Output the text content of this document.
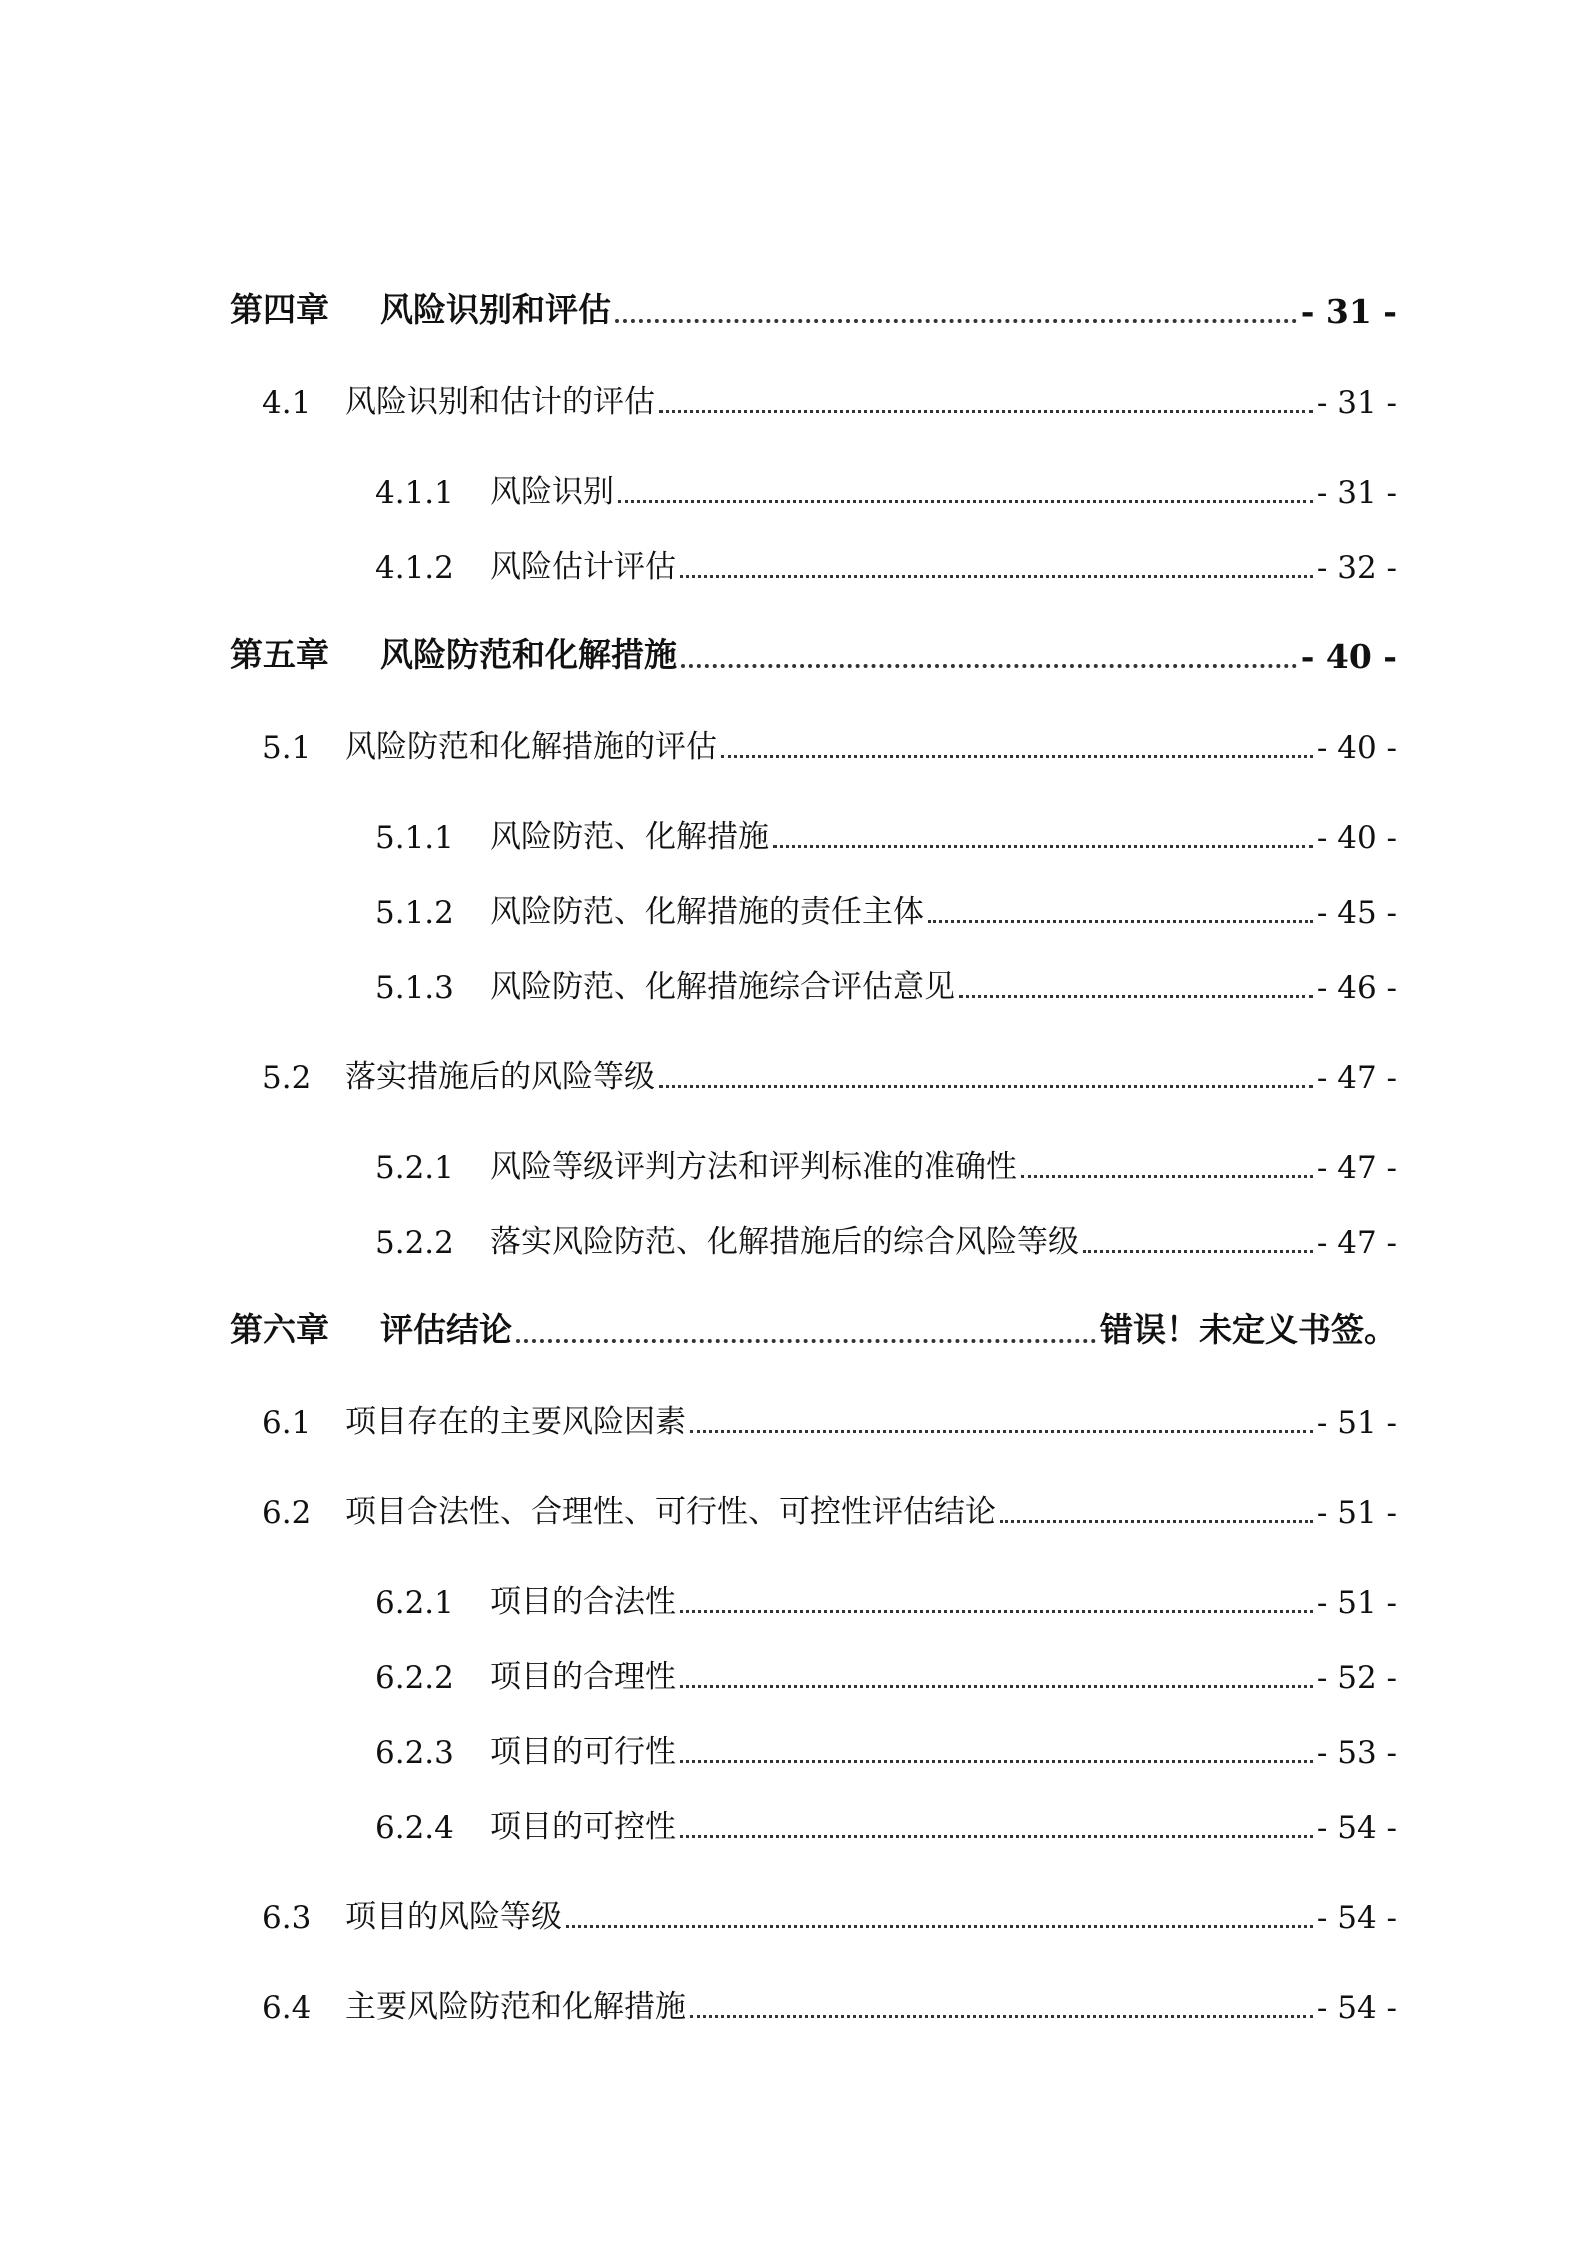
第四章	风险识别和评估	- 31 -
4.1	风险识别和估计的评估	- 31 -
4.1.1	风险识别	- 31 -
4.1.2	风险估计评估	- 32 -
第五章	风险防范和化解措施	- 40 -
5.1	风险防范和化解措施的评估	- 40 -
5.1.1	风险防范、化解措施	- 40 -
5.1.2	风险防范、化解措施的责任主体	- 45 -
5.1.3	风险防范、化解措施综合评估意见	- 46 -
5.2	落实措施后的风险等级	- 47 -
5.2.1	风险等级评判方法和评判标准的准确性	- 47 -
5.2.2	落实风险防范、化解措施后的综合风险等级	- 47 -
第六章	评估结论	错误！未定义书签。
6.1	项目存在的主要风险因素	- 51 -
6.2	项目合法性、合理性、可行性、可控性评估结论	- 51 -
6.2.1	项目的合法性	- 51 -
6.2.2	项目的合理性	- 52 -
6.2.3	项目的可行性	- 53 -
6.2.4	项目的可控性	- 54 -
6.3	项目的风险等级	- 54 -
6.4	主要风险防范和化解措施	- 54 -
